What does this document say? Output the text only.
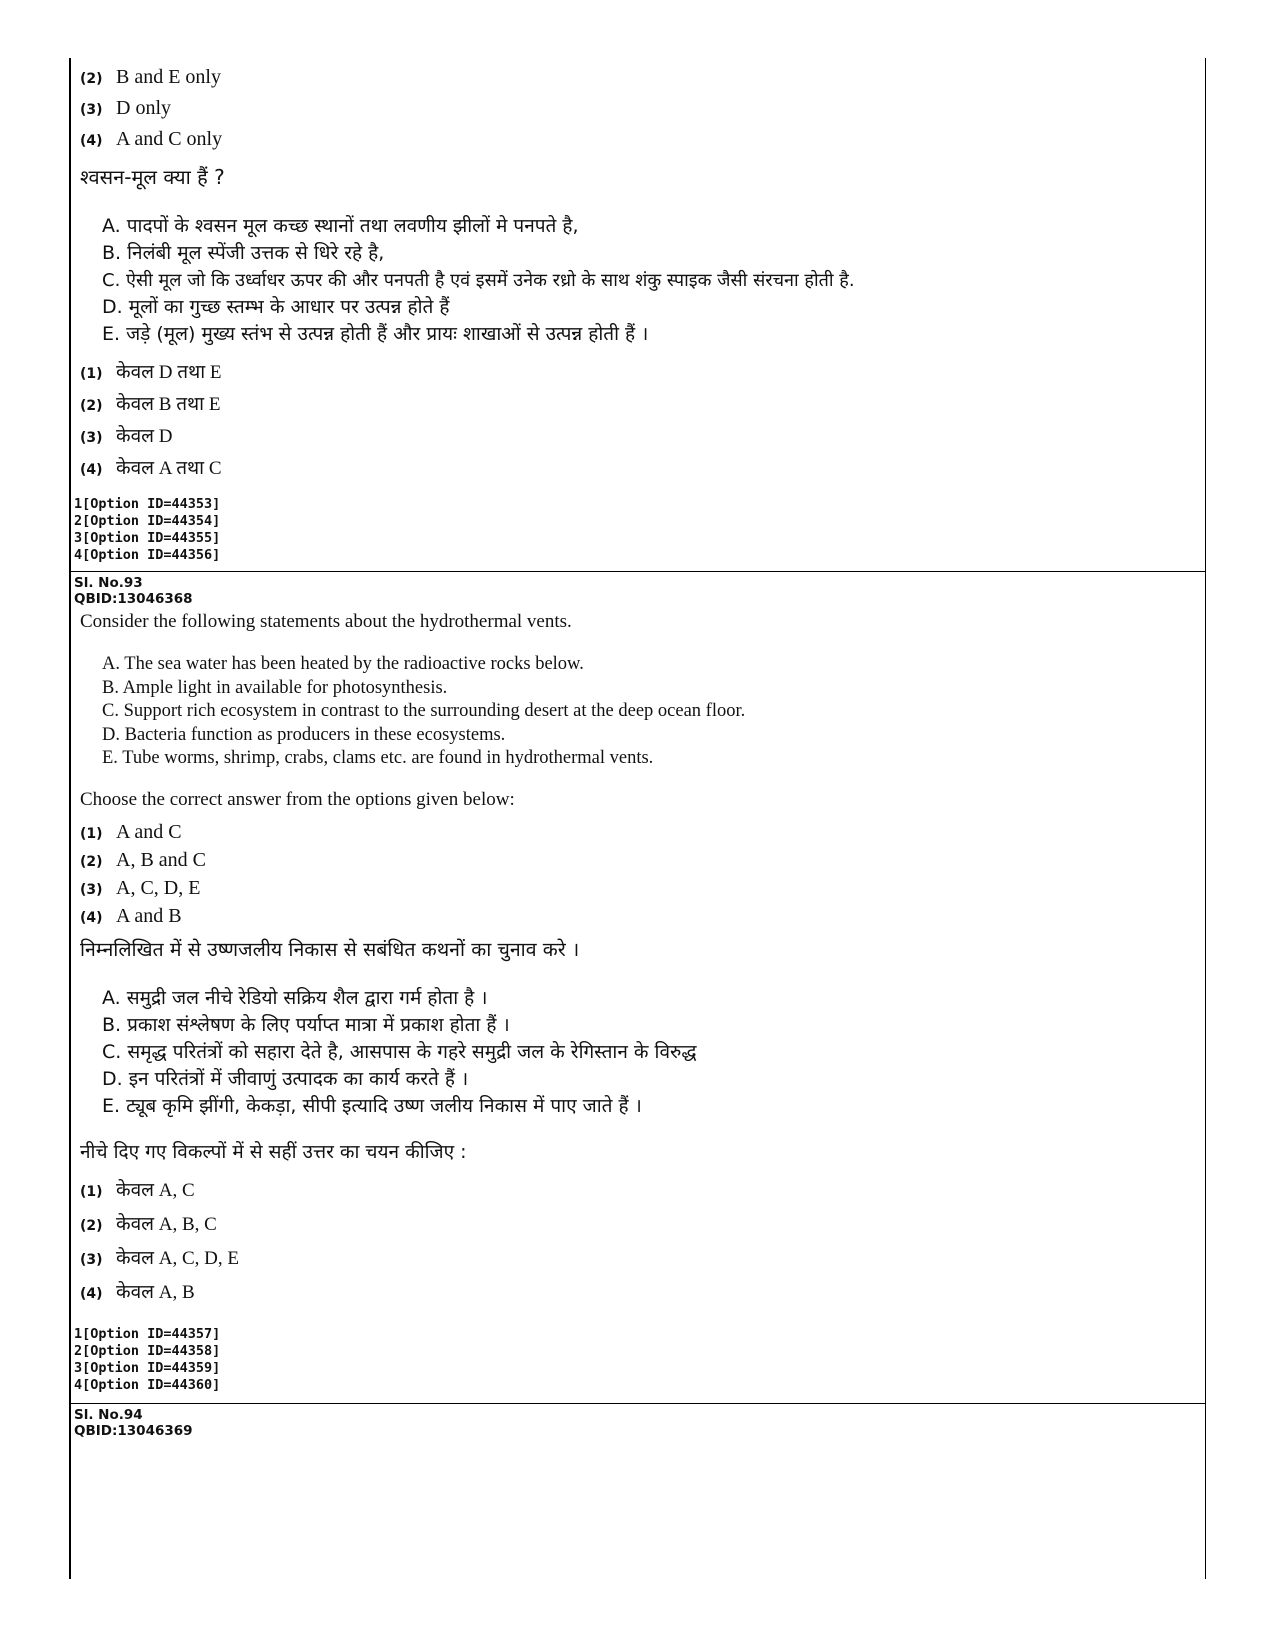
(2) B and E only
(3) D only
(4) A and C only

श्वसन-मूल क्या हैं ?

A. पादपों के श्वसन मूल कच्छ स्थानों तथा लवणीय झीलों मे पनपते है,
B. निलंबी मूल स्पेंजी उत्तक से धिरे रहे है,
C. ऐसी मूल जो कि उर्ध्वाधर ऊपर की और पनपती है एवं इसमें उनेक रध्रो के साथ शंकु स्पाइक जैसी संरचना होती है.
D. मूलों का गुच्छ स्तम्भ के आधार पर उत्पन्न होते हैं
E. जड़े (मूल) मुख्य स्तंभ से उत्पन्न होती हैं और प्रायः शाखाओं से उत्पन्न होती हैं ।
(1) केवल D तथा E
(2) केवल B तथा E
(3) केवल D
(4) केवल A तथा C
1[Option ID=44353]
2[Option ID=44354]
3[Option ID=44355]
4[Option ID=44356]
Sl. No.93
QBID:13046368

Consider the following statements about the hydrothermal vents.

A. The sea water has been heated by the radioactive rocks below.
B. Ample light in available for photosynthesis.
C. Support rich ecosystem in contrast to the surrounding desert at the deep ocean floor.
D. Bacteria function as producers in these ecosystems.
E. Tube worms, shrimp, crabs, clams etc. are found in hydrothermal vents.

Choose the correct answer from the options given below:

(1) A and C
(2) A, B and C
(3) A, C, D, E
(4) A and B

निम्नलिखित में से उष्णजलीय निकास से सबंधित कथनों का चुनाव करे ।

A. समुद्री जल नीचे रेडियो सक्रिय शैल द्वारा गर्म होता है ।
B. प्रकाश संश्लेषण के लिए पर्याप्त मात्रा में प्रकाश होता हैं ।
C. समृद्ध परितंत्रों को सहारा देते है, आसपास के गहरे समुद्री जल के रेगिस्तान के विरुद्ध
D. इन परितंत्रों में जीवाणुं उत्पादक का कार्य करते हैं ।
E. ट्यूब कृमि झींगी, केकड़ा, सीपी इत्यादि उष्ण जलीय निकास में पाए जाते हैं ।

नीचे दिए गए विकल्पों में से सहीं उत्तर का चयन कीजिए :

(1) केवल A, C
(2) केवल A, B, C
(3) केवल A, C, D, E
(4) केवल A, B
1[Option ID=44357]
2[Option ID=44358]
3[Option ID=44359]
4[Option ID=44360]
Sl. No.94
QBID:13046369
